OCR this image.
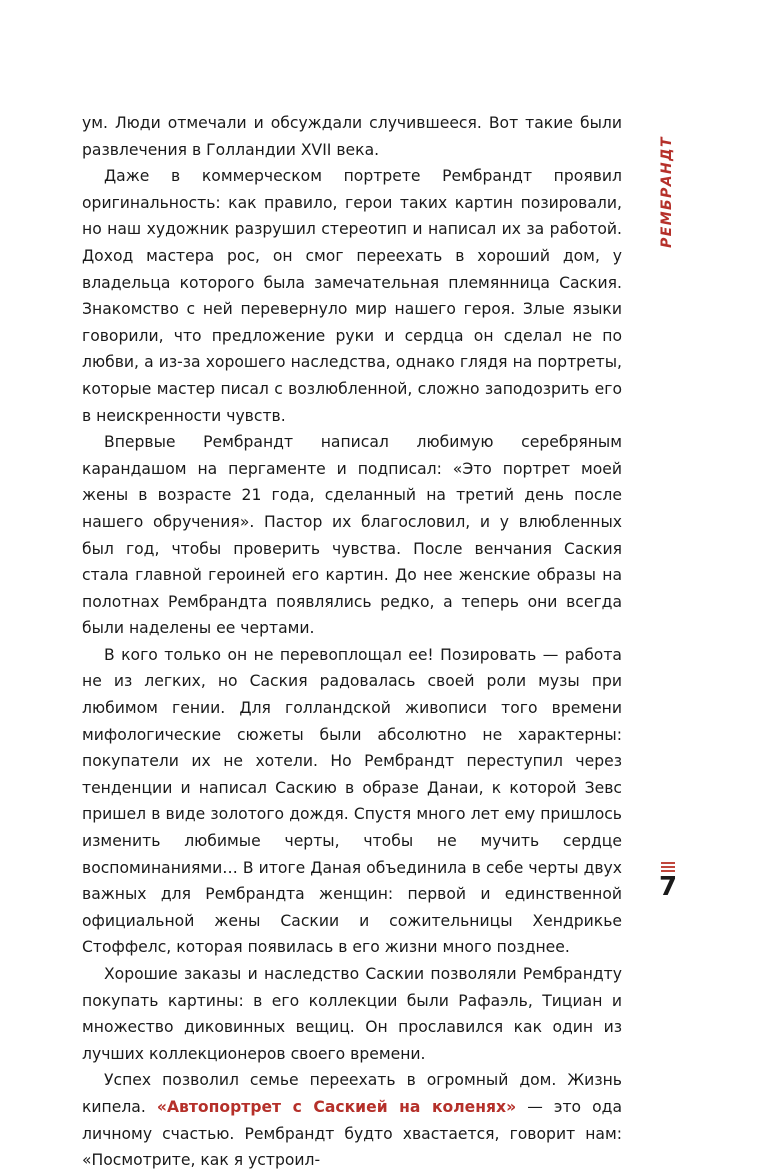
ум. Люди отмечали и обсуждали случившееся. Вот такие были развлечения в Голландии XVII века.

Даже в коммерческом портрете Рембрандт проявил оригинальность: как правило, герои таких картин позировали, но наш художник разрушил стереотип и написал их за работой. Доход мастера рос, он смог переехать в хороший дом, у владельца которого была замечательная племянница Саския. Знакомство с ней перевернуло мир нашего героя. Злые языки говорили, что предложение руки и сердца он сделал не по любви, а из-за хорошего наследства, однако глядя на портреты, которые мастер писал с возлюбленной, сложно заподозрить его в неискренности чувств.

Впервые Рембрандт написал любимую серебряным карандашом на пергаменте и подписал: «Это портрет моей жены в возрасте 21 года, сделанный на третий день после нашего обручения». Пастор их благословил, и у влюбленных был год, чтобы проверить чувства. После венчания Саския стала главной героиней его картин. До нее женские образы на полотнах Рембрандта появлялись редко, а теперь они всегда были наделены ее чертами.

В кого только он не перевоплощал ее! Позировать — работа не из легких, но Саския радовалась своей роли музы при любимом гении. Для голландской живописи того времени мифологические сюжеты были абсолютно не характерны: покупатели их не хотели. Но Рембрандт переступил через тенденции и написал Саскию в образе Данаи, к которой Зевс пришел в виде золотого дождя. Спустя много лет ему пришлось изменить любимые черты, чтобы не мучить сердце воспоминаниями… В итоге Даная объединила в себе черты двух важных для Рембрандта женщин: первой и единственной официальной жены Саскии и сожительницы Хендрикье Стоффелс, которая появилась в его жизни много позднее.

Хорошие заказы и наследство Саскии позволяли Рембрандту покупать картины: в его коллекции были Рафаэль, Тициан и множество диковинных вещиц. Он прославился как один из лучших коллекционеров своего времени.

Успех позволил семье переехать в огромный дом. Жизнь кипела. «Автопортрет с Саскией на коленях» — это ода личному счастью. Рембрандт будто хвастается, говорит нам: «Посмотрите, как я устроил-

РЕМБРАНДТ
7
